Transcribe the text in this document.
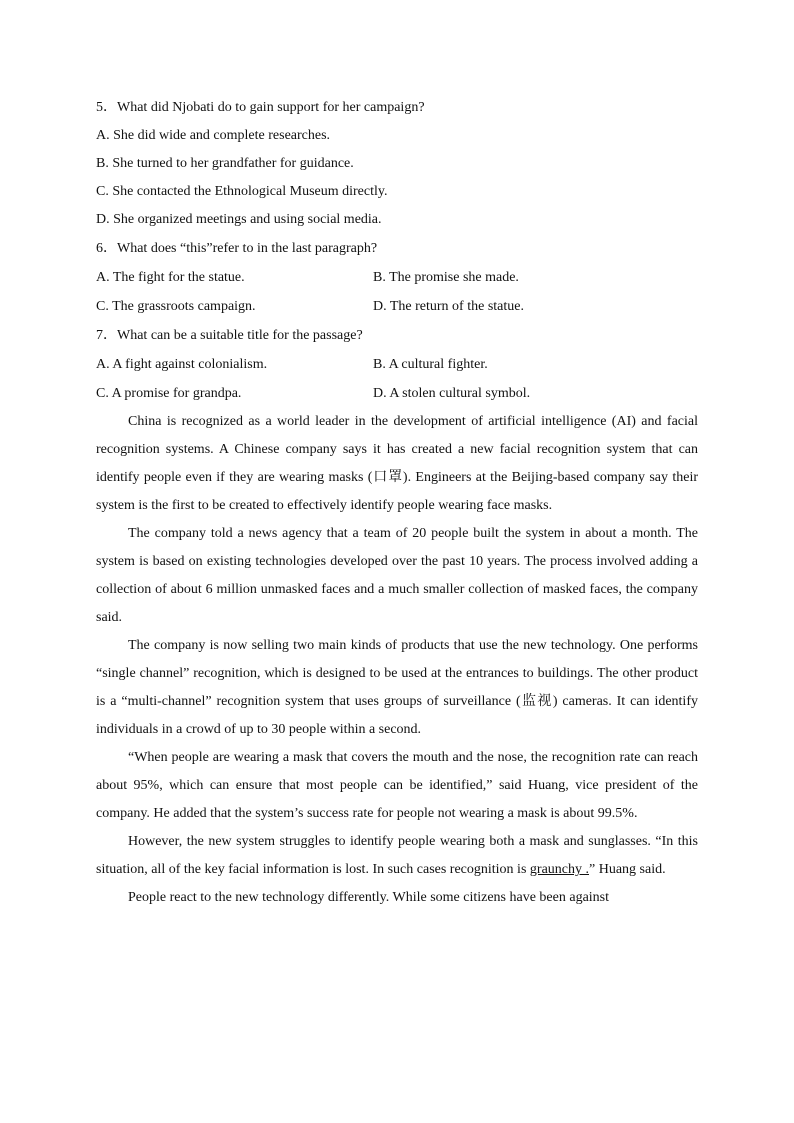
5．What did Njobati do to gain support for her campaign?

A. She did wide and complete researches.

B. She turned to her grandfather for guidance.

C. She contacted the Ethnological Museum directly.

D. She organized meetings and using social media.

6．What does “this”refer to in the last paragraph?

A. The fight for the statue.	B. The promise she made.
C. The grassroots campaign.	D. The return of the statue.

7．What can be a suitable title for the passage?

A. A fight against colonialism.	B. A cultural fighter.
C. A promise for grandpa.	D. A stolen cultural symbol.

China is recognized as a world leader in the development of artificial intelligence (AI) and facial recognition systems. A Chinese company says it has created a new facial recognition system that can identify people even if they are wearing masks (口罩). Engineers at the Beijing-based company say their system is the first to be created to effectively identify people wearing face masks.

The company told a news agency that a team of 20 people built the system in about a month. The system is based on existing technologies developed over the past 10 years. The process involved adding a collection of about 6 million unmasked faces and a much smaller collection of masked faces, the company said.

The company is now selling two main kinds of products that use the new technology. One performs “single channel” recognition, which is designed to be used at the entrances to buildings. The other product is a “multi-channel” recognition system that uses groups of surveillance (监视) cameras. It can identify individuals in a crowd of up to 30 people within a second.

“When people are wearing a mask that covers the mouth and the nose, the recognition rate can reach about 95%, which can ensure that most people can be identified,” said Huang, vice president of the company. He added that the system’s success rate for people not wearing a mask is about 99.5%.

However, the new system struggles to identify people wearing both a mask and sunglasses. “In this situation, all of the key facial information is lost. In such cases recognition is graunchy .” Huang said.

People react to the new technology differently. While some citizens have been against
